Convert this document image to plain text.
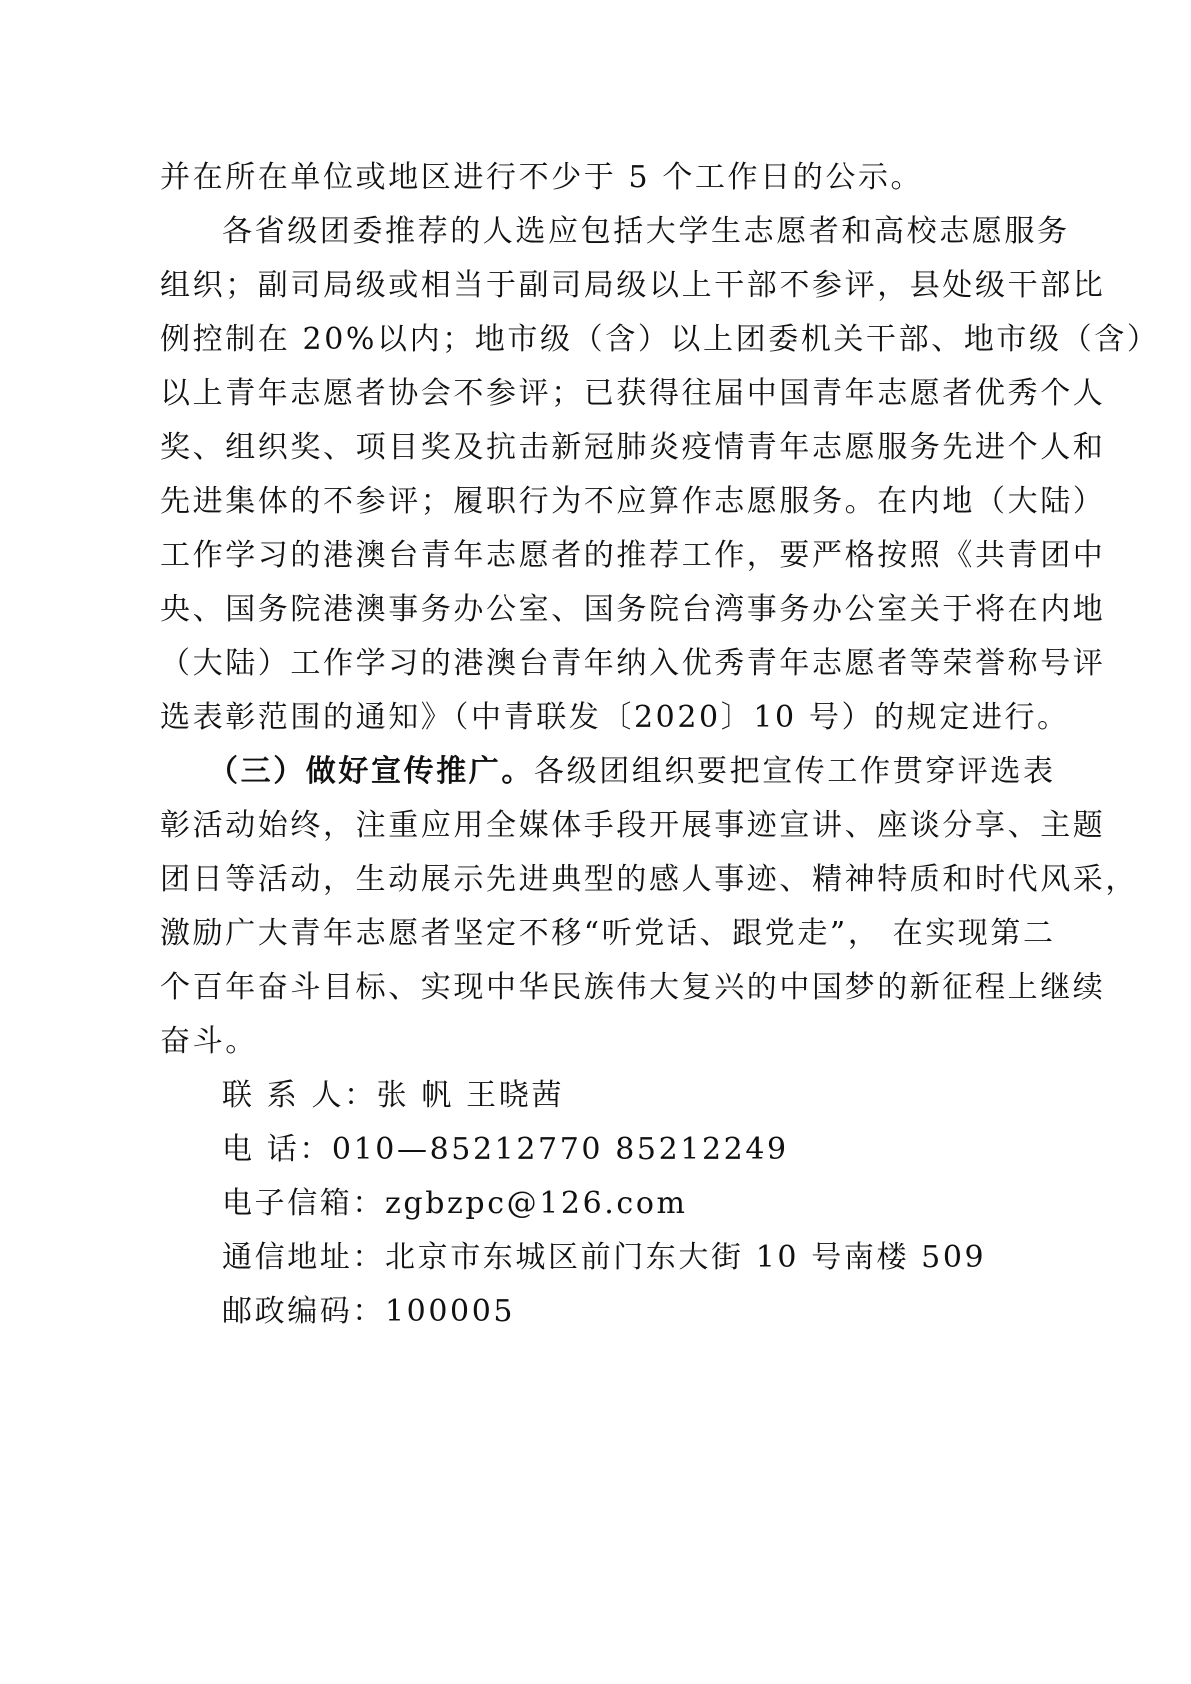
并在所在单位或地区进行不少于 5 个工作日的公示。
各省级团委推荐的人选应包括大学生志愿者和高校志愿服务
组织；副司局级或相当于副司局级以上干部不参评，县处级干部比
例控制在 20%以内；地市级（含）以上团委机关干部、地市级（含）
以上青年志愿者协会不参评；已获得往届中国青年志愿者优秀个人
奖、组织奖、项目奖及抗击新冠肺炎疫情青年志愿服务先进个人和
先进集体的不参评；履职行为不应算作志愿服务。在内地（大陆）
工作学习的港澳台青年志愿者的推荐工作，要严格按照《共青团中
央、国务院港澳事务办公室、国务院台湾事务办公室关于将在内地
（大陆）工作学习的港澳台青年纳入优秀青年志愿者等荣誉称号评
选表彰范围的通知》（中青联发〔2020〕10 号）的规定进行。
（三）做好宣传推广。各级团组织要把宣传工作贯穿评选表
彰活动始终，注重应用全媒体手段开展事迹宣讲、座谈分享、主题
团日等活动，生动展示先进典型的感人事迹、精神特质和时代风采，
激励广大青年志愿者坚定不移“听党话、跟党走”， 在实现第二
个百年奋斗目标、实现中华民族伟大复兴的中国梦的新征程上继续
奋斗。
联 系 人：张 帆 王晓茜
电 话：010—85212770 85212249
电子信箱：zgbzpc@126.com
通信地址：北京市东城区前门东大街 10 号南楼 509
邮政编码：100005
